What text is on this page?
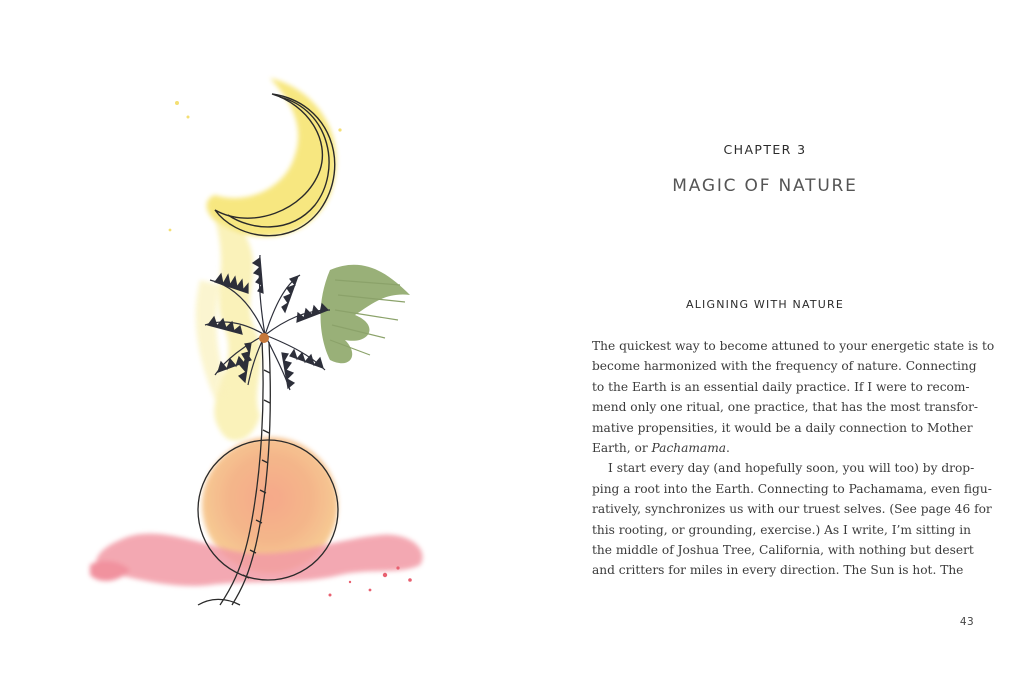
CHAPTER 3
MAGIC OF NATURE
ALIGNING WITH NATURE
The quickest way to become attuned to your energetic state is to
become harmonized with the frequency of nature. Connecting
to the Earth is an essential daily practice. If I were to recom-
mend only one ritual, one practice, that has the most transfor-
mative propensities, it would be a daily connection to Mother
Earth, or Pachamama.
I start every day (and hopefully soon, you will too) by drop-
ping a root into the Earth. Connecting to Pachamama, even figu-
ratively, synchronizes us with our truest selves. (See page 46 for
this rooting, or grounding, exercise.) As I write, I’m sitting in
the middle of Joshua Tree, California, with nothing but desert
and critters for miles in every direction. The Sun is hot. The
43
